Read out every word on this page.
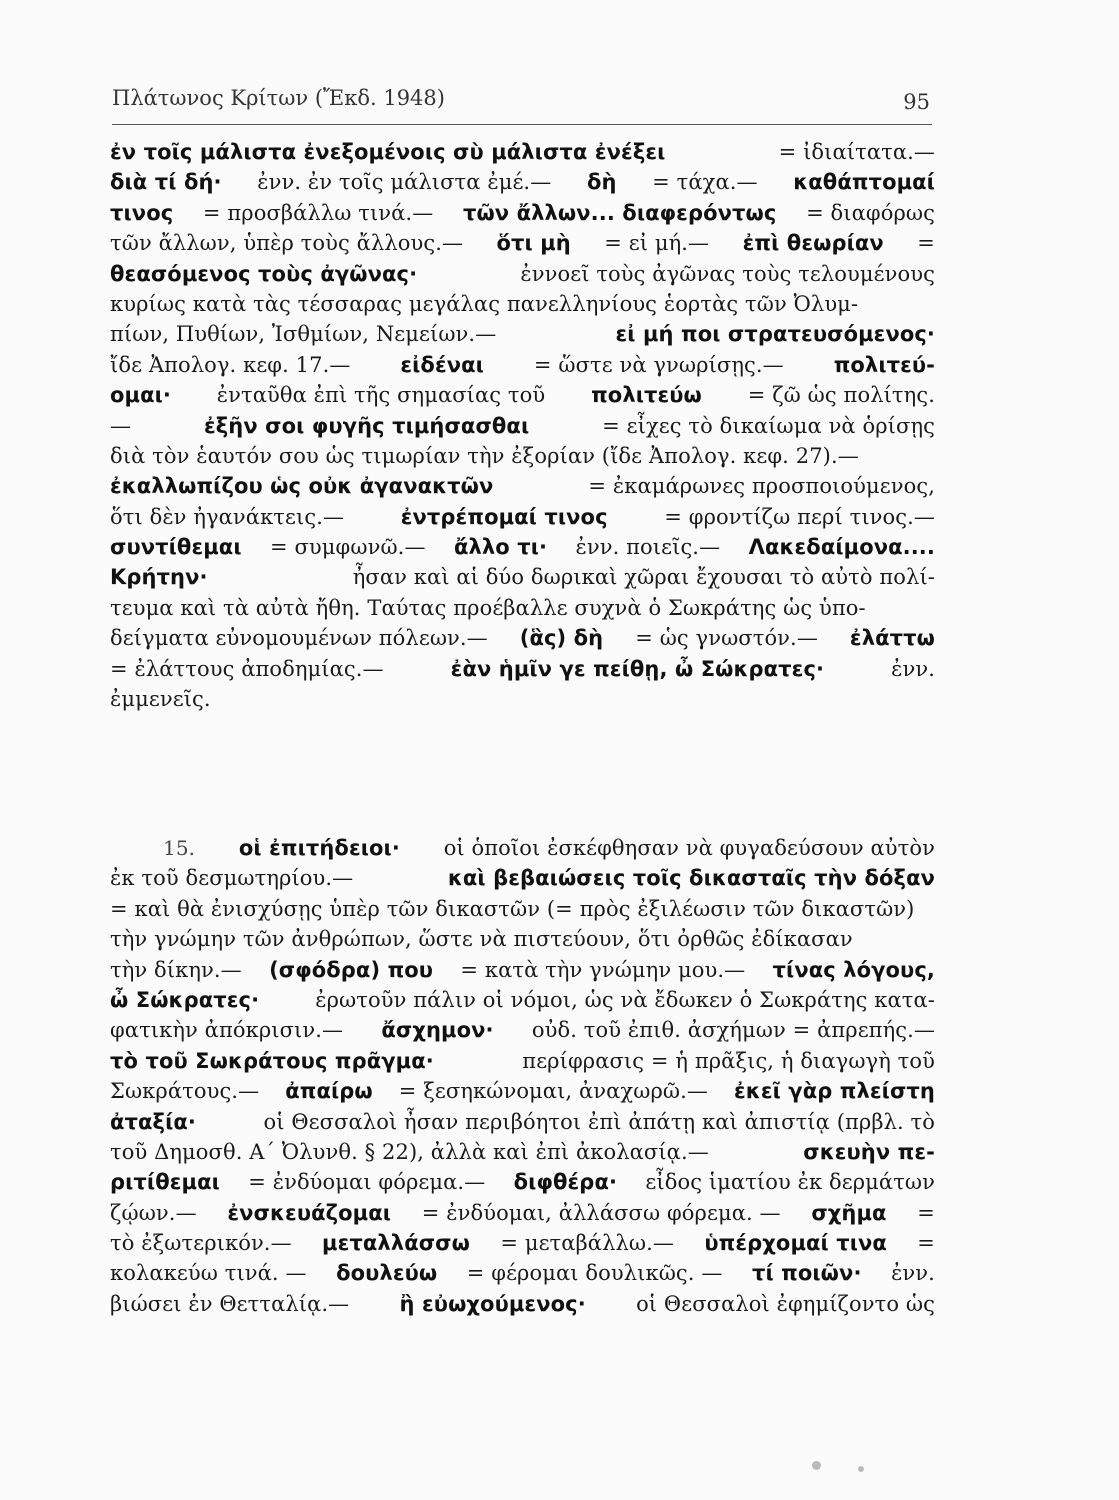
Πλάτωνος Κρίτων (Ἔκδ. 1948)	95
ἐν τοῖς μάλιστα ἐνεξομένοις σὺ μάλιστα ἐνέξει	= ἰδιαίτατα.—
διὰ τί δή· ἐνν. ἐν τοῖς μάλιστα ἐμέ.— δὴ = τάχα.— καθάπτομαί
τινος = προσβάλλω τινά.— τῶν ἄλλων... διαφερόντως = διαφόρως
τῶν ἄλλων, ὑπὲρ τοὺς ἄλλους.— ὅτι μὴ = εἰ μή.— ἐπὶ θεωρίαν =
θεασόμενος τοὺς ἀγῶνας·	ἐννοεῖ τοὺς ἀγῶνας τοὺς τελουμένους
κυρίως κατὰ τὰς τέσσαρας μεγάλας πανελληνίους ἑορτὰς τῶν Ὀλυμ-
πίων, Πυθίων, Ἰσθμίων, Νεμείων.—	εἰ μή ποι στρατευσόμενος·
ἴδε Ἀπολογ. κεφ. 17.— εἰδέναι = ὥστε νὰ γνωρίσῃς.— πολιτεύ-
ομαι· ἐνταῦθα ἐπὶ τῆς σημασίας τοῦ πολιτεύω = ζῶ ὡς πολίτης.
—	ἐξῆν σοι φυγῆς τιμήσασθαι	= εἶχες τὸ δικαίωμα νὰ ὁρίσῃς
διὰ τὸν ἑαυτόν σου ὡς τιμωρίαν τὴν ἐξορίαν (ἴδε Ἀπολογ. κεφ. 27).—
ἐκαλλωπίζου ὡς οὐκ ἀγανακτῶν	= ἐκαμάρωνες προσποιούμενος,
ὅτι δὲν ἠγανάκτεις.—	ἐντρέπομαί τινος	= φροντίζω περί τινος.—
συντίθεμαι = συμφωνῶ.— ἄλλο τι· ἐνν. ποιεῖς.— Λακεδαίμονα....
Κρήτην·	ἦσαν καὶ αἱ δύο δωρικαὶ χῶραι ἔχουσαι τὸ αὐτὸ πολί-
τευμα καὶ τὰ αὐτὰ ἤθη. Ταύτας προέβαλλε συχνὰ ὁ Σωκράτης ὡς ὑπο-
δείγματα εὐνομουμένων πόλεων.— (ἃς) δὴ = ὡς γνωστόν.— ἐλάττω
= ἐλάττους ἀποδημίας.—	ἐὰν ἡμῖν γε πείθῃ, ὦ Σώκρατες·	ἐνν.
ἐμμενεῖς.
15. οἱ ἐπιτήδειοι· οἱ ὁποῖοι ἐσκέφθησαν νὰ φυγαδεύσουν αὐτὸν
ἐκ τοῦ δεσμωτηρίου.—	καὶ βεβαιώσεις τοῖς δικασταῖς τὴν δόξαν
= καὶ θὰ ἐνισχύσῃς ὑπὲρ τῶν δικαστῶν (= πρὸς ἐξιλέωσιν τῶν δικαστῶν)
τὴν γνώμην τῶν ἀνθρώπων, ὥστε νὰ πιστεύουν, ὅτι ὀρθῶς ἐδίκασαν
τὴν δίκην.— (σφόδρα) που = κατὰ τὴν γνώμην μου.— τίνας λόγους,
ὦ Σώκρατες·	ἐρωτοῦν πάλιν οἱ νόμοι, ὡς νὰ ἔδωκεν ὁ Σωκράτης κατα-
φατικὴν ἀπόκρισιν.— ἄσχημον· οὐδ. τοῦ ἐπιθ. ἀσχήμων = ἀπρεπής.—
τὸ τοῦ Σωκράτους πρᾶγμα·	περίφρασις = ἡ πρᾶξις, ἡ διαγωγὴ τοῦ
Σωκράτους.— ἀπαίρω = ξεσηκώνομαι, ἀναχωρῶ.— ἐκεῖ γὰρ πλείστη
ἀταξία·	οἱ Θεσσαλοὶ ἦσαν περιβόητοι ἐπὶ ἀπάτῃ καὶ ἀπιστίᾳ (πρβλ. τὸ
τοῦ Δημοσθ. Α΄ Ὀλυνθ. § 22), ἀλλὰ καὶ ἐπὶ ἀκολασίᾳ.—	σκευὴν πε-
ριτίθεμαι = ἐνδύομαι φόρεμα.— διφθέρα· εἶδος ἱματίου ἐκ δερμάτων
ζῴων.— ἐνσκευάζομαι = ἐνδύομαι, ἀλλάσσω φόρεμα. — σχῆμα =
τὸ ἐξωτερικόν.— μεταλλάσσω = μεταβάλλω.— ὑπέρχομαί τινα =
κολακεύω τινά. — δουλεύω = φέρομαι δουλικῶς. — τί ποιῶν· ἐνν.
βιώσει ἐν Θετταλίᾳ.— ἢ εὐωχούμενος· οἱ Θεσσαλοὶ ἐφημίζοντο ὡς
